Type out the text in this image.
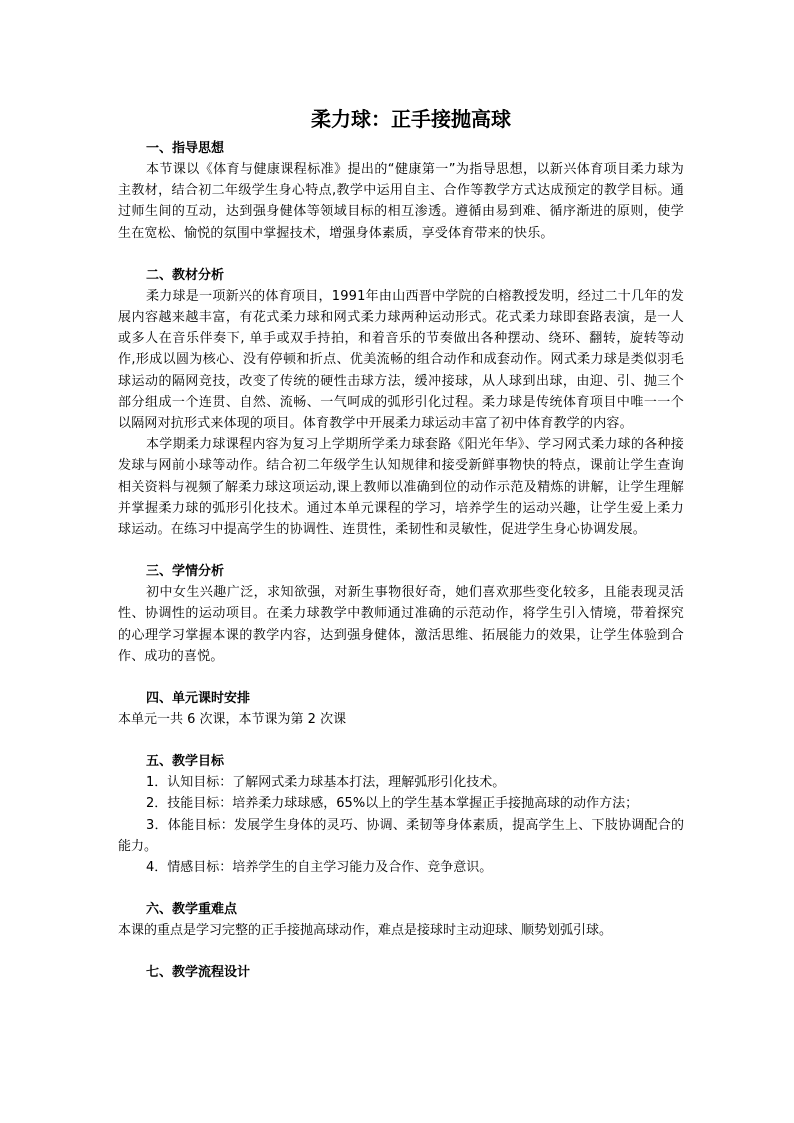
柔力球：正手接抛高球
一、指导思想

本节课以《体育与健康课程标准》提出的“健康第一”为指导思想，以新兴体育项目柔力球为主教材，结合初二年级学生身心特点,教学中运用自主、合作等教学方式达成预定的教学目标。通过师生间的互动，达到强身健体等领域目标的相互渗透。遵循由易到难、循序渐进的原则，使学生在宽松、愉悦的氛围中掌握技术，增强身体素质，享受体育带来的快乐。

二、教材分析

柔力球是一项新兴的体育项目，1991年由山西晋中学院的白榕教授发明，经过二十几年的发展内容越来越丰富，有花式柔力球和网式柔力球两种运动形式。花式柔力球即套路表演，是一人或多人在音乐伴奏下, 单手或双手持拍，和着音乐的节奏做出各种摆动、绕环、翻转，旋转等动作,形成以圆为核心、没有停顿和折点、优美流畅的组合动作和成套动作。网式柔力球是类似羽毛球运动的隔网竞技，改变了传统的硬性击球方法，缓冲接球，从人球到出球，由迎、引、抛三个部分组成一个连贯、自然、流畅、一气呵成的弧形引化过程。柔力球是传统体育项目中唯一一个以隔网对抗形式来体现的项目。体育教学中开展柔力球运动丰富了初中体育教学的内容。

本学期柔力球课程内容为复习上学期所学柔力球套路《阳光年华》、学习网式柔力球的各种接发球与网前小球等动作。结合初二年级学生认知规律和接受新鲜事物快的特点，课前让学生查询相关资料与视频了解柔力球这项运动,课上教师以准确到位的动作示范及精炼的讲解，让学生理解并掌握柔力球的弧形引化技术。通过本单元课程的学习，培养学生的运动兴趣，让学生爱上柔力球运动。在练习中提高学生的协调性、连贯性，柔韧性和灵敏性，促进学生身心协调发展。

三、学情分析

初中女生兴趣广泛，求知欲强，对新生事物很好奇，她们喜欢那些变化较多，且能表现灵活性、协调性的运动项目。在柔力球教学中教师通过准确的示范动作，将学生引入情境，带着探究的心理学习掌握本课的教学内容，达到强身健体，激活思维、拓展能力的效果，让学生体验到合作、成功的喜悦。

四、单元课时安排

本单元一共 6 次课，本节课为第 2 次课

五、教学目标

1．认知目标：了解网式柔力球基本打法，理解弧形引化技术。

2．技能目标：培养柔力球球感，65%以上的学生基本掌握正手接抛高球的动作方法；

3．体能目标：发展学生身体的灵巧、协调、柔韧等身体素质，提高学生上、下肢协调配合的能力。

4．情感目标：培养学生的自主学习能力及合作、竞争意识。

六、教学重难点

本课的重点是学习完整的正手接抛高球动作，难点是接球时主动迎球、顺势划弧引球。

七、教学流程设计
